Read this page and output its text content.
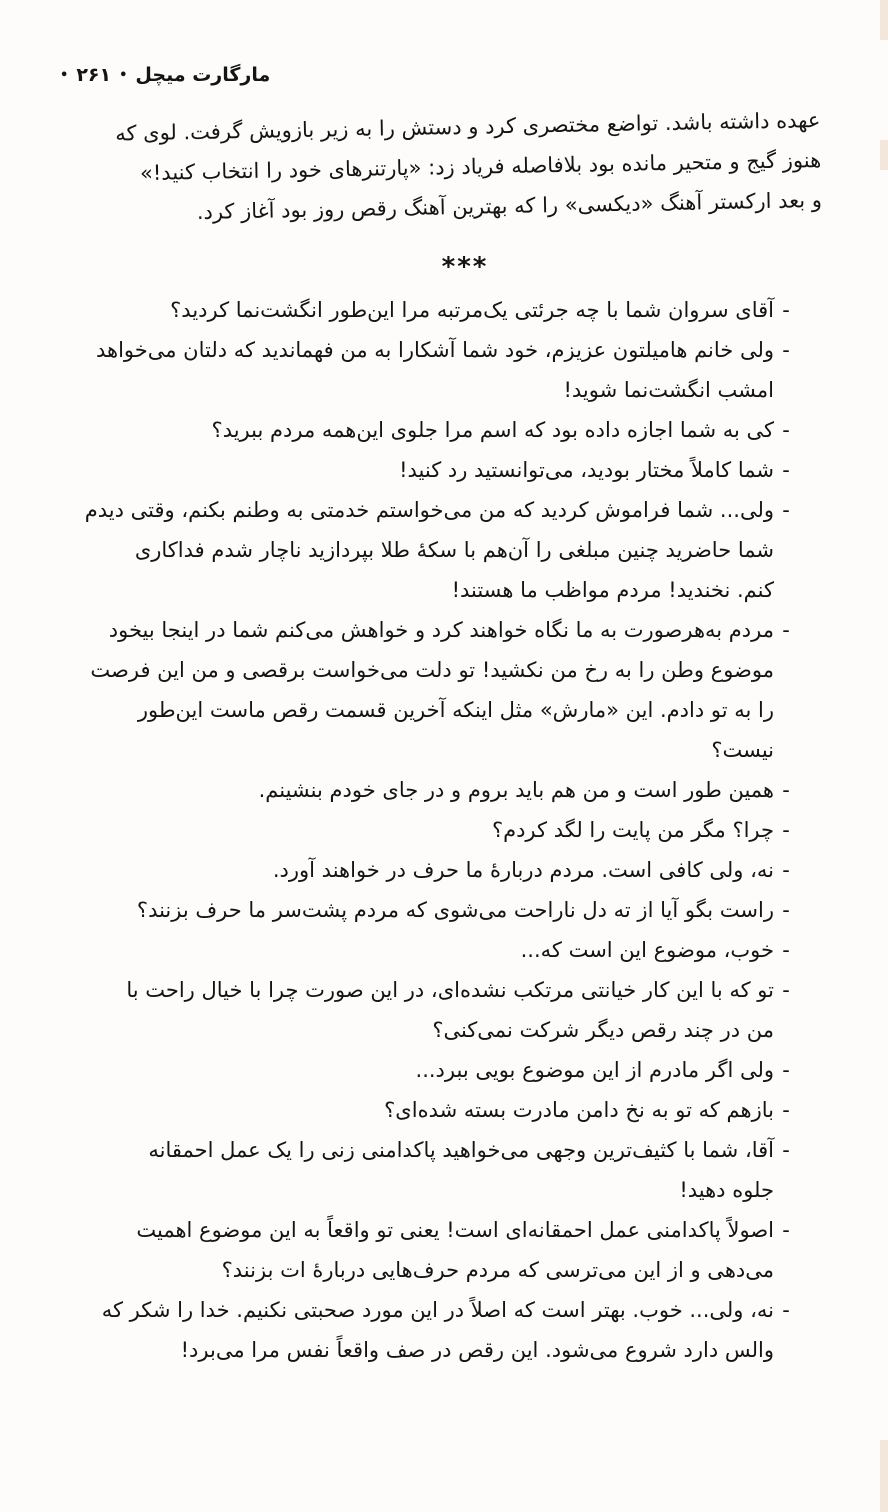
• ۲۶۱ • مارگارت میچل

عهده داشته باشد. تواضع مختصری کرد و دستش را به زیر بازویش گرفت. لوی که

هنوز گیج و متحیر مانده بود بلافاصله فریاد زد: «پارتنرهای خود را انتخاب کنید!»

و بعد ارکستر آهنگ «دیکسی» را که بهترین آهنگ رقص روز بود آغاز کرد.

***
-
آقای سروان شما با چه جرئتی یک‌مرتبه مرا این‌طور انگشت‌نما کردید؟
-
ولی خانم هامیلتون عزیزم، خود شما آشکارا به من فهماندید که دلتان می‌خواهد
امشب انگشت‌نما شوید!
-
کی به شما اجازه داده بود که اسم مرا جلوی این‌همه مردم ببرید؟
-
شما کاملاً مختار بودید، می‌توانستید رد کنید!
-
ولی... شما فراموش کردید که من می‌خواستم خدمتی به وطنم بکنم، وقتی دیدم
شما حاضرید چنین مبلغی را آن‌هم با سکهٔ طلا بپردازید ناچار شدم فداکاری
کنم. نخندید! مردم مواظب ما هستند!
-
مردم به‌هرصورت به ما نگاه خواهند کرد و خواهش می‌کنم شما در اینجا بیخود
موضوع وطن را به رخ من نکشید! تو دلت می‌خواست برقصی و من این فرصت
را به تو دادم. این «مارش» مثل اینکه آخرین قسمت رقص ماست این‌طور
نیست؟
-
همین طور است و من هم باید بروم و در جای خودم بنشینم.
-
چرا؟ مگر من پایت را لگد کردم؟
-
نه، ولی کافی است. مردم دربارهٔ ما حرف در خواهند آورد.
-
راست بگو آیا از ته دل ناراحت می‌شوی که مردم پشت‌سر ما حرف بزنند؟
-
خوب، موضوع این است که...
-
تو که با این کار خیانتی مرتکب نشده‌ای، در این صورت چرا با خیال راحت با
من در چند رقص دیگر شرکت نمی‌کنی؟
-
ولی اگر مادرم از این موضوع بویی ببرد...
-
بازهم که تو به نخ دامن مادرت بسته شده‌ای؟
-
آقا، شما با کثیف‌ترین وجهی می‌خواهید پاکدامنی زنی را یک عمل احمقانه
جلوه دهید!
-
اصولاً پاکدامنی عمل احمقانه‌ای است! یعنی تو واقعاً به این موضوع اهمیت
می‌دهی و از این می‌ترسی که مردم حرف‌هایی دربارهٔ ات بزنند؟
-
نه، ولی... خوب. بهتر است که اصلاً در این مورد صحبتی نکنیم. خدا را شکر که
والس دارد شروع می‌شود. این رقص در صف واقعاً نفس مرا می‌برد!
